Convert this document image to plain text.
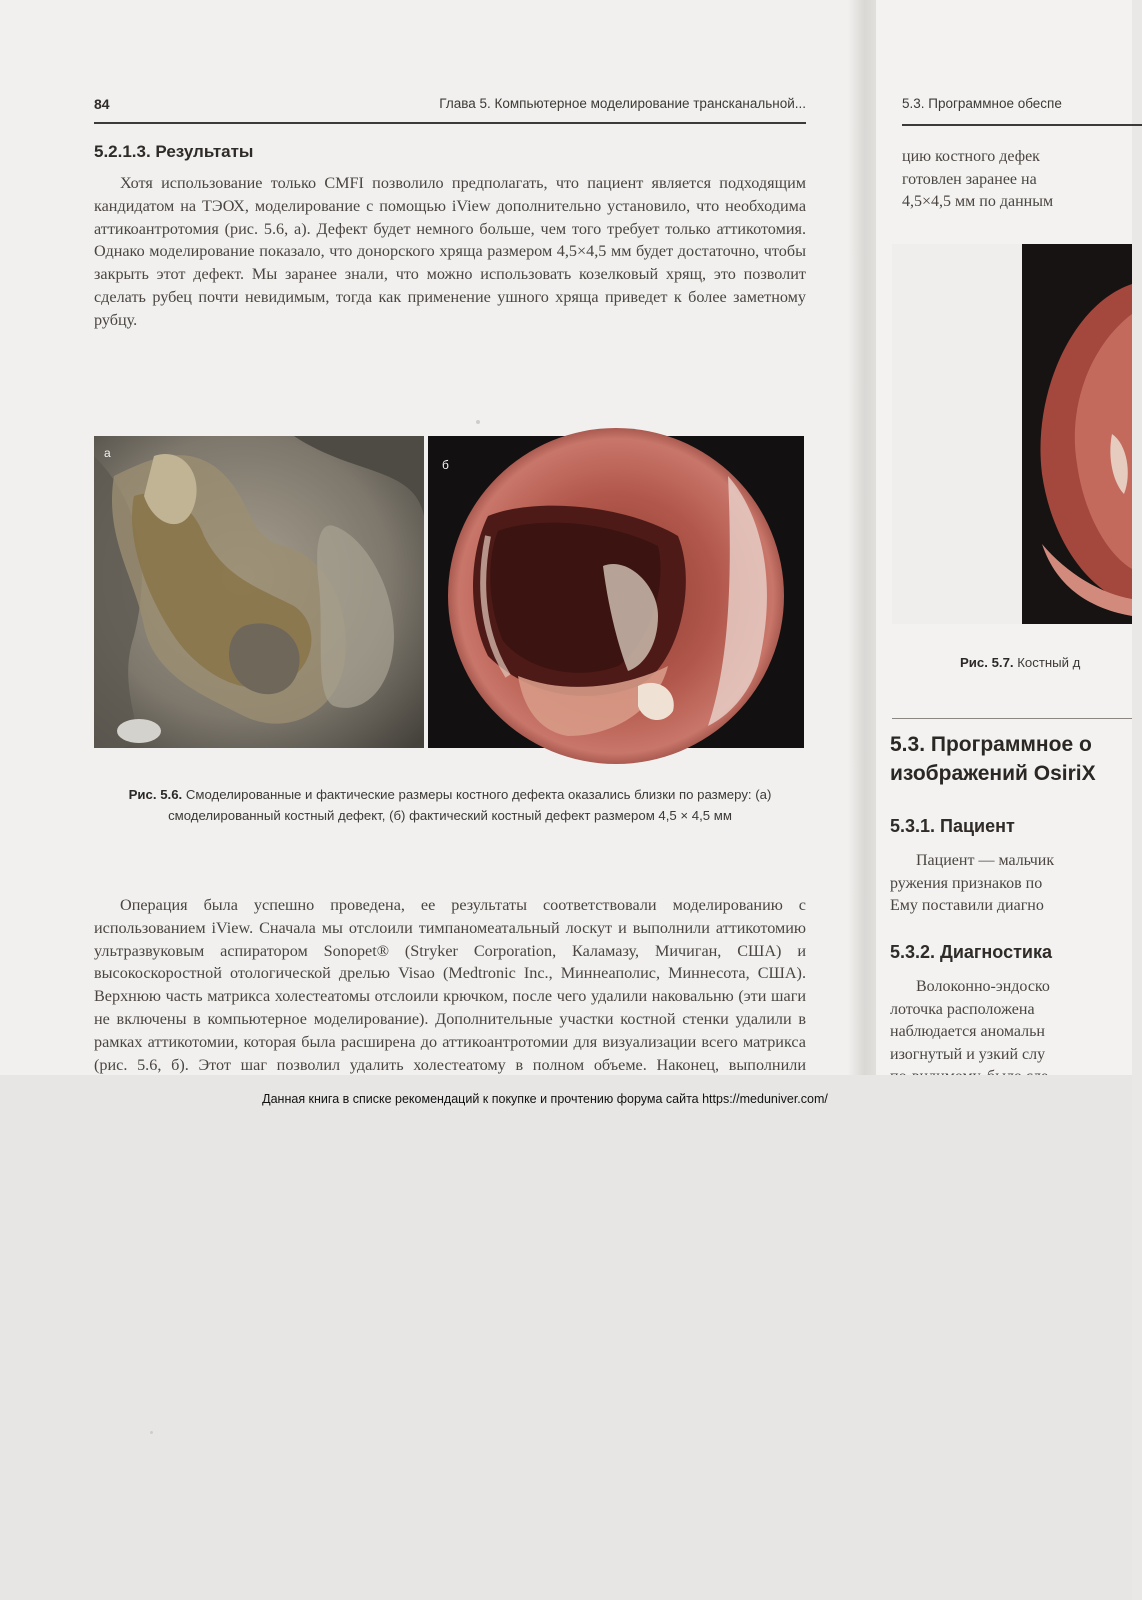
84	Глава 5. Компьютерное моделирование трансканальной...
5.2.1.3. Результаты

Хотя использование только CMFI позволило предполагать, что пациент является подходящим кандидатом на ТЭОХ, моделирование с помощью iView дополнительно установило, что необходима аттикоантротомия (рис. 5.6, а). Дефект будет немного больше, чем того требует только аттикотомия. Однако моделирование показало, что донорского хряща размером 4,5×4,5 мм будет достаточно, чтобы закрыть этот дефект. Мы заранее знали, что можно использовать козелковый хрящ, это позволит сделать рубец почти невидимым, тогда как применение ушного хряща приведет к более заметному рубцу.

а
б
Рис. 5.6. Смоделированные и фактические размеры костного дефекта оказались близки по размеру: (а) смоделированный костный дефект, (б) фактический костный дефект размером 4,5 × 4,5 мм

Операция была успешно проведена, ее результаты соответствовали моделированию с использованием iView. Сначала мы отслоили тимпаномеатальный лоскут и выполнили аттикотомию ультразвуковым аспиратором Sonopet® (Stryker Corporation, Каламазу, Мичиган, США) и высокоскоростной отологической дрелью Visao (Medtronic Inc., Миннеаполис, Миннесота, США). Верхнюю часть матрикса холестеатомы отслоили крючком, после чего удалили наковальню (эти шаги не включены в компьютерное моделирование). Дополнительные участки костной стенки удалили в рамках аттикотомии, которая была расширена до аттикоантротомии для визуализации всего матрикса (рис. 5.6, б). Этот шаг позволил удалить холестеатому в полном объеме. Наконец, выполнили

5.3. Программное обеспе
цию костного дефек
готовлен заранее на
4,5×4,5 мм по данным
Рис. 5.7. Костный д
5.3. Программное о
изображений OsiriX
5.3.1. Пациент
Пациент — мальчик
ружения признаков по
Ему поставили диагно
5.3.2. Диагностика
Волоконно-эндоско
лоточка расположена
наблюдается аномальн
изогнутый и узкий слу
Данная книга в списке рекомендаций к покупке и прочтению форума сайта https://meduniver.com/
